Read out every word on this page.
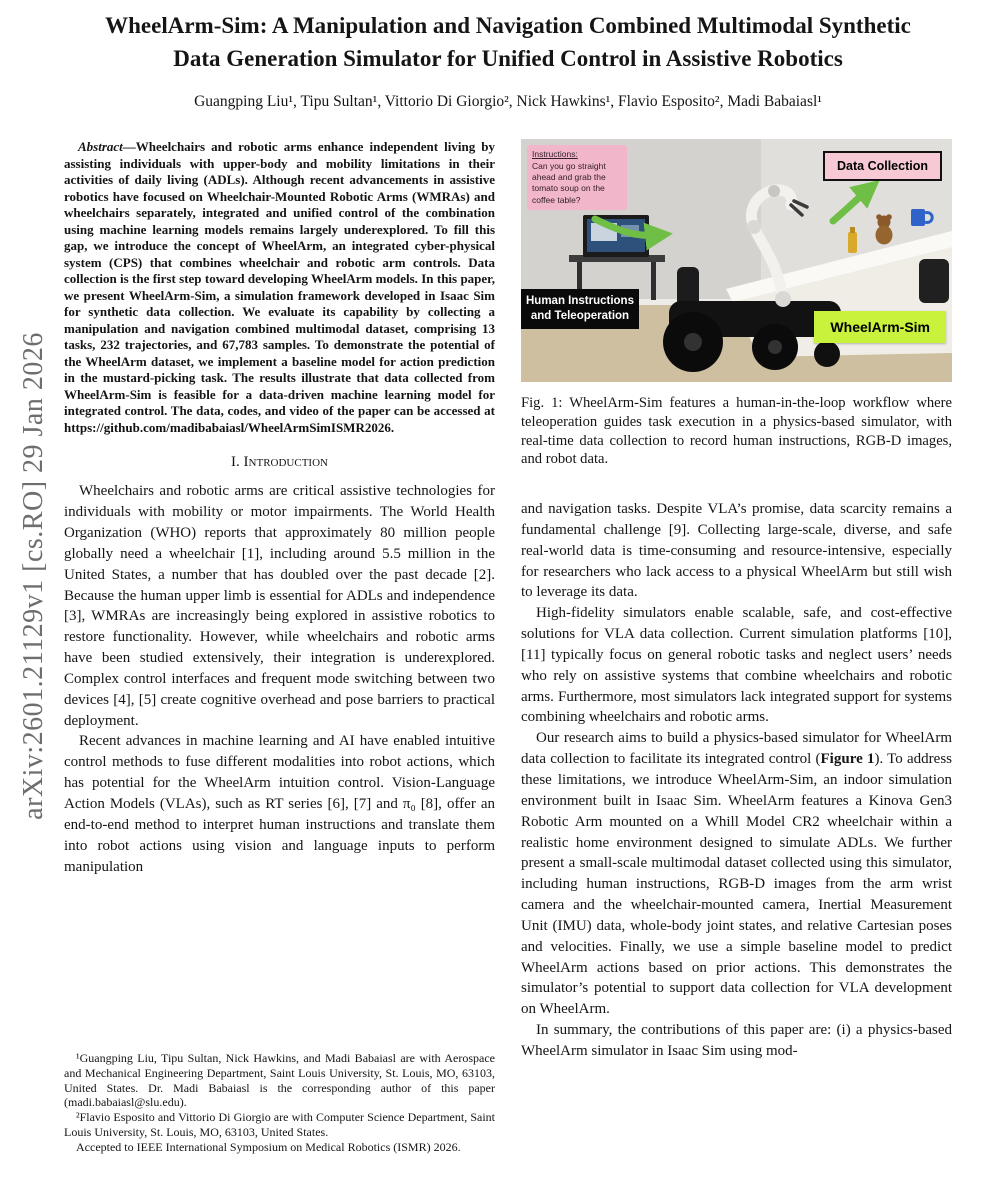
arXiv:2601.21129v1 [cs.RO] 29 Jan 2026
WheelArm-Sim: A Manipulation and Navigation Combined Multimodal Synthetic Data Generation Simulator for Unified Control in Assistive Robotics
Guangping Liu¹, Tipu Sultan¹, Vittorio Di Giorgio², Nick Hawkins¹, Flavio Esposito², Madi Babaiasl¹

Abstract—Wheelchairs and robotic arms enhance independent living by assisting individuals with upper-body and mobility limitations in their activities of daily living (ADLs). Although recent advancements in assistive robotics have focused on Wheelchair-Mounted Robotic Arms (WMRAs) and wheelchairs separately, integrated and unified control of the combination using machine learning models remains largely underexplored. To fill this gap, we introduce the concept of WheelArm, an integrated cyber-physical system (CPS) that combines wheelchair and robotic arm controls. Data collection is the first step toward developing WheelArm models. In this paper, we present WheelArm-Sim, a simulation framework developed in Isaac Sim for synthetic data collection. We evaluate its capability by collecting a manipulation and navigation combined multimodal dataset, comprising 13 tasks, 232 trajectories, and 67,783 samples. To demonstrate the potential of the WheelArm dataset, we implement a baseline model for action prediction in the mustard-picking task. The results illustrate that data collected from WheelArm-Sim is feasible for a data-driven machine learning model for integrated control. The data, codes, and video of the paper can be accessed at https://github.com/madibabaiasl/WheelArmSimISMR2026.

I. Introduction

Wheelchairs and robotic arms are critical assistive technologies for individuals with mobility or motor impairments. The World Health Organization (WHO) reports that approximately 80 million people globally need a wheelchair [1], including around 5.5 million in the United States, a number that has doubled over the past decade [2]. Because the human upper limb is essential for ADLs and independence [3], WMRAs are increasingly being explored in assistive robotics to restore functionality. However, while wheelchairs and robotic arms have been studied extensively, their integration is underexplored. Complex control interfaces and frequent mode switching between two devices [4], [5] create cognitive overhead and pose barriers to practical deployment.

Recent advances in machine learning and AI have enabled intuitive control methods to fuse different modalities into robot actions, which has potential for the WheelArm intuition control. Vision-Language Action Models (VLAs), such as RT series [6], [7] and π₀ [8], offer an end-to-end method to interpret human instructions and translate them into robot actions using vision and language inputs to perform manipulation

¹Guangping Liu, Tipu Sultan, Nick Hawkins, and Madi Babaiasl are with Aerospace and Mechanical Engineering Department, Saint Louis University, St. Louis, MO, 63103, United States. Dr. Madi Babaiasl is the corresponding author of this paper (madi.babaiasl@slu.edu).

²Flavio Esposito and Vittorio Di Giorgio are with Computer Science Department, Saint Louis University, St. Louis, MO, 63103, United States.

Accepted to IEEE International Symposium on Medical Robotics (ISMR) 2026.

Instructions:
Can you go straight ahead and grab the tomato soup on the coffee table?
Data Collection
Human Instructions and Teleoperation
WheelArm-Sim
Fig. 1: WheelArm-Sim features a human-in-the-loop workflow where teleoperation guides task execution in a physics-based simulator, with real-time data collection to record human instructions, RGB-D images, and robot data.

and navigation tasks. Despite VLA’s promise, data scarcity remains a fundamental challenge [9]. Collecting large-scale, diverse, and safe real-world data is time-consuming and resource-intensive, especially for researchers who lack access to a physical WheelArm but still wish to leverage its data.

High-fidelity simulators enable scalable, safe, and cost-effective solutions for VLA data collection. Current simulation platforms [10], [11] typically focus on general robotic tasks and neglect users’ needs who rely on assistive systems that combine wheelchairs and robotic arms. Furthermore, most simulators lack integrated support for systems combining wheelchairs and robotic arms.

Our research aims to build a physics-based simulator for WheelArm data collection to facilitate its integrated control (Figure 1). To address these limitations, we introduce WheelArm-Sim, an indoor simulation environment built in Isaac Sim. WheelArm features a Kinova Gen3 Robotic Arm mounted on a Whill Model CR2 wheelchair within a realistic home environment designed to simulate ADLs. We further present a small-scale multimodal dataset collected using this simulator, including human instructions, RGB-D images from the arm wrist camera and the wheelchair-mounted camera, Inertial Measurement Unit (IMU) data, whole-body joint states, and relative Cartesian poses and velocities. Finally, we use a simple baseline model to predict WheelArm actions based on prior actions. This demonstrates the simulator’s potential to support data collection for VLA development on WheelArm.

In summary, the contributions of this paper are: (i) a physics-based WheelArm simulator in Isaac Sim using mod-
